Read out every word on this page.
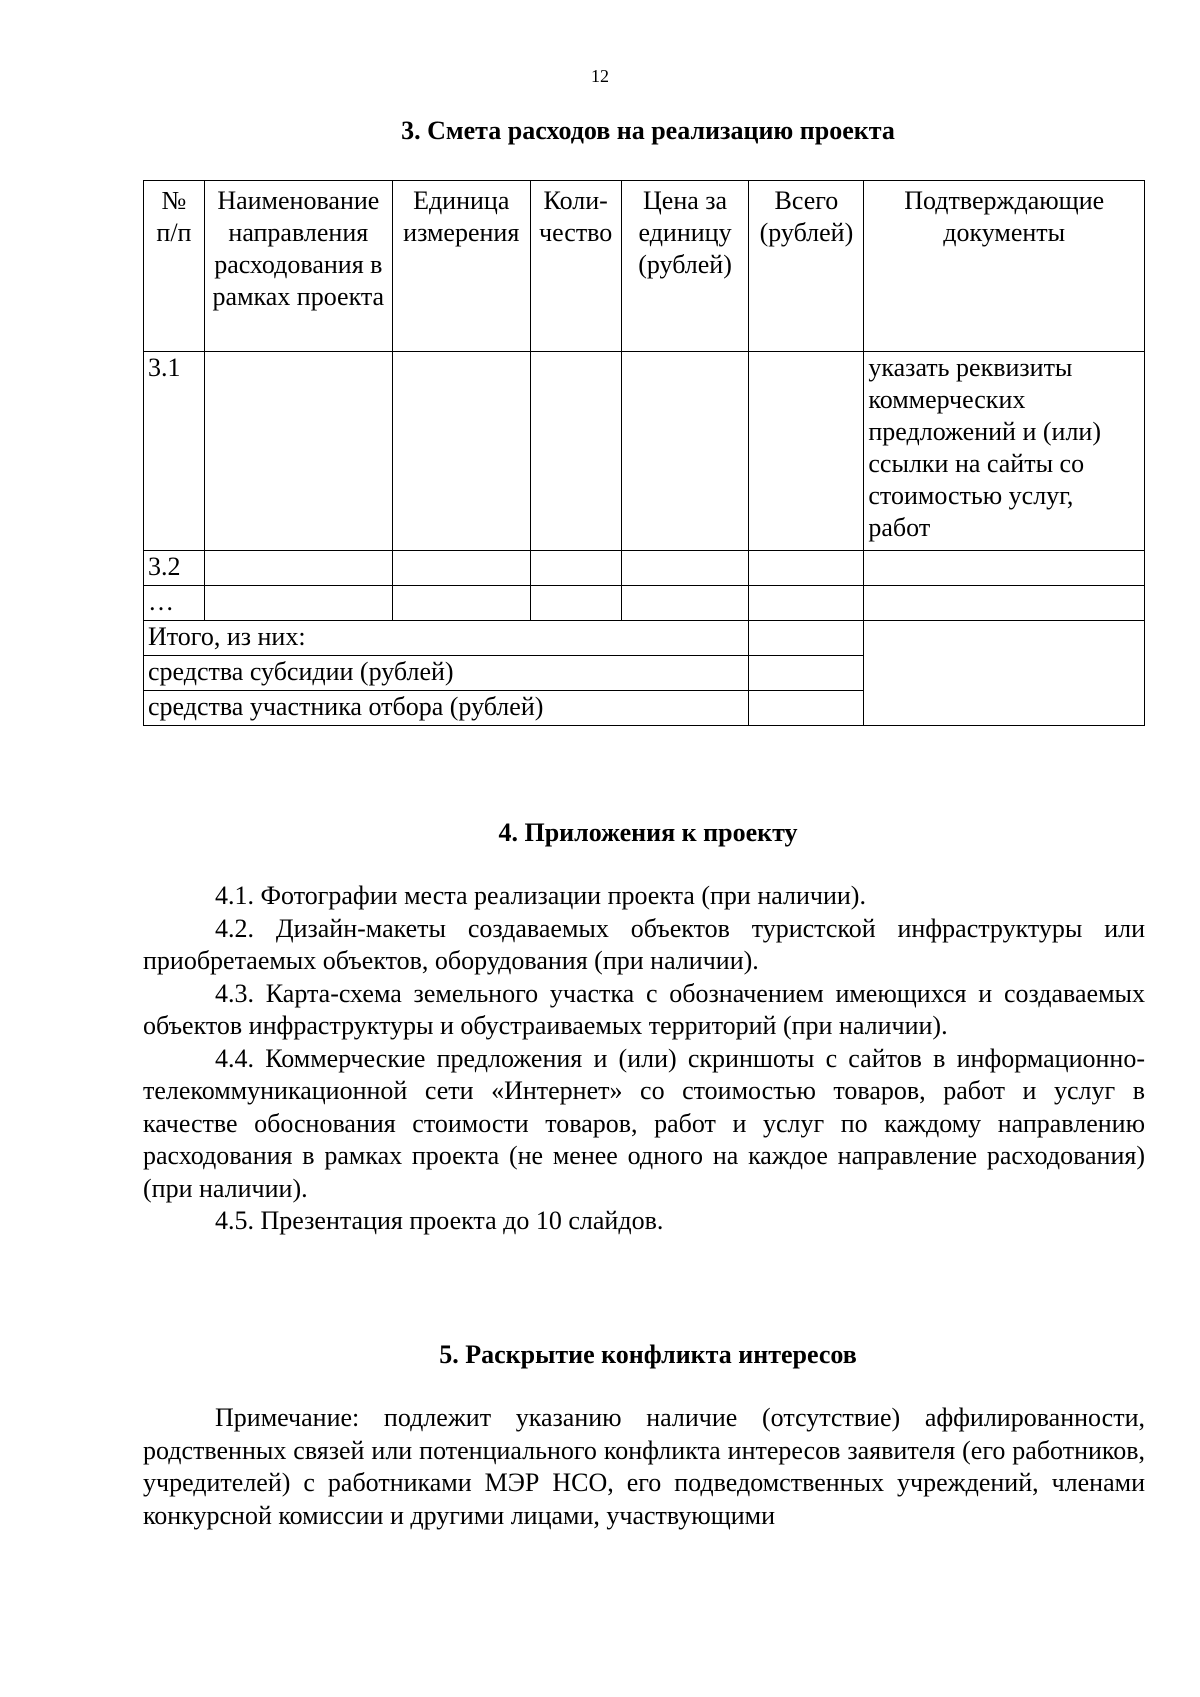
12
3. Смета расходов на реализацию проекта
№ п/п	Наименование направления расходования в рамках проекта	Единица измерения	Коли-чество	Цена за единицу (рублей)	Всего (рублей)	Подтверждающие документы
3.1						указать реквизиты коммерческих предложений и (или) ссылки на сайты со стоимостью услуг, работ
3.2						
…						
Итого, из них:						
средства субсидии (рублей)						
средства участника отбора (рублей)						
4. Приложения к проекту

4.1. Фотографии места реализации проекта (при наличии).

4.2. Дизайн-макеты создаваемых объектов туристской инфраструктуры или приобретаемых объектов, оборудования (при наличии).

4.3. Карта-схема земельного участка с обозначением имеющихся и создаваемых объектов инфраструктуры и обустраиваемых территорий (при наличии).

4.4. Коммерческие предложения и (или) скриншоты с сайтов в информационно-телекоммуникационной сети «Интернет» со стоимостью товаров, работ и услуг в качестве обоснования стоимости товаров, работ и услуг по каждому направлению расходования в рамках проекта (не менее одного на каждое направление расходования) (при наличии).

4.5. Презентация проекта до 10 слайдов.

5. Раскрытие конфликта интересов

Примечание: подлежит указанию наличие (отсутствие) аффилированности, родственных связей или потенциального конфликта интересов заявителя (его работников, учредителей) с работниками МЭР НСО, его подведомственных учреждений, членами конкурсной комиссии и другими лицами, участвующими
